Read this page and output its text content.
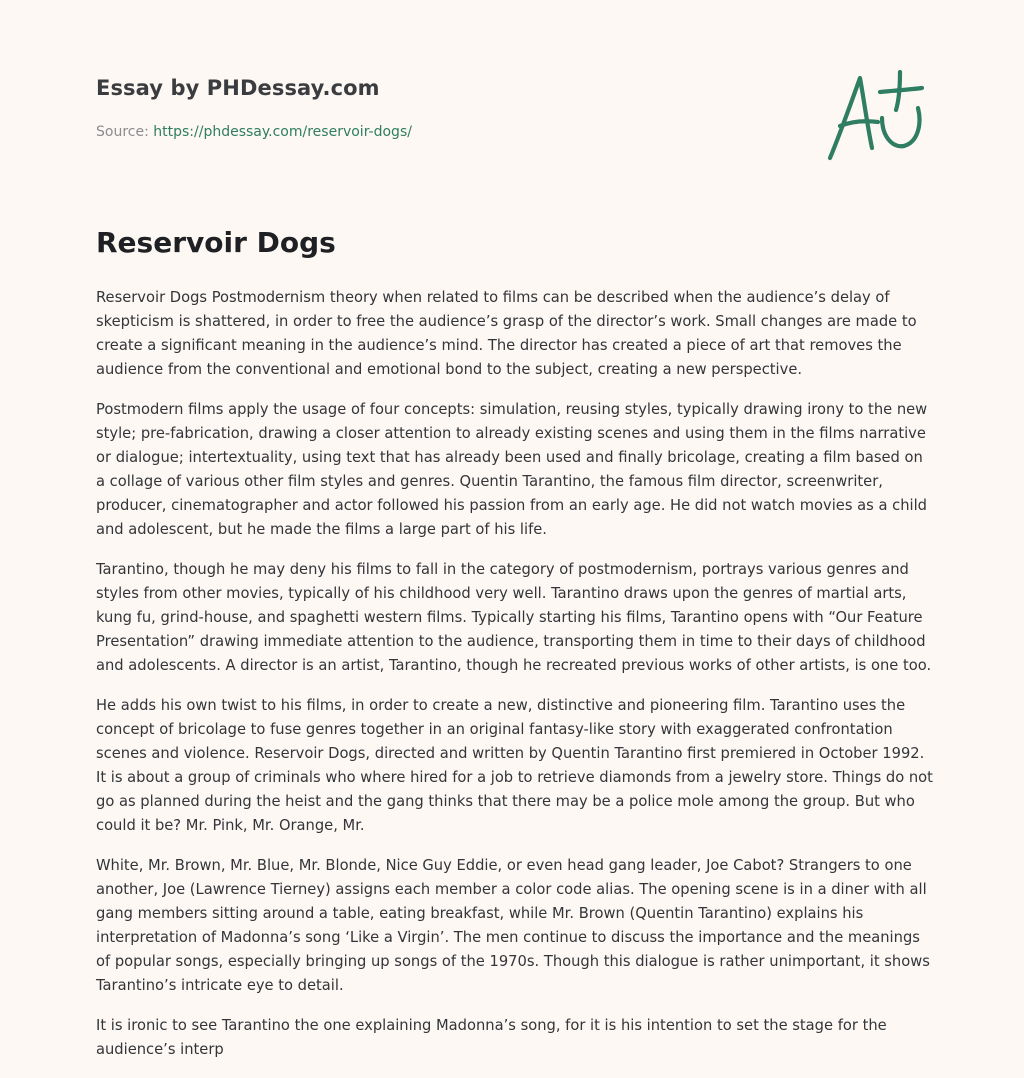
Essay by PHDessay.com
Source: https://phdessay.com/reservoir-dogs/
Reservoir Dogs

Reservoir Dogs Postmodernism theory when related to films can be described when the audience’s delay of skepticism is shattered, in order to free the audience’s grasp of the director’s work. Small changes are made to create a significant meaning in the audience’s mind. The director has created a piece of art that removes the audience from the conventional and emotional bond to the subject, creating a new perspective.

Postmodern films apply the usage of four concepts: simulation, reusing styles, typically drawing irony to the new style; pre-fabrication, drawing a closer attention to already existing scenes and using them in the films narrative or dialogue; intertextuality, using text that has already been used and finally bricolage, creating a film based on a collage of various other film styles and genres. Quentin Tarantino, the famous film director, screenwriter, producer, cinematographer and actor followed his passion from an early age. He did not watch movies as a child and adolescent, but he made the films a large part of his life.

Tarantino, though he may deny his films to fall in the category of postmodernism, portrays various genres and styles from other movies, typically of his childhood very well. Tarantino draws upon the genres of martial arts, kung fu, grind-house, and spaghetti western films. Typically starting his films, Tarantino opens with “Our Feature Presentation” drawing immediate attention to the audience, transporting them in time to their days of childhood and adolescents. A director is an artist, Tarantino, though he recreated previous works of other artists, is one too.

He adds his own twist to his films, in order to create a new, distinctive and pioneering film. Tarantino uses the concept of bricolage to fuse genres together in an original fantasy-like story with exaggerated confrontation scenes and violence. Reservoir Dogs, directed and written by Quentin Tarantino first premiered in October 1992. It is about a group of criminals who where hired for a job to retrieve diamonds from a jewelry store. Things do not go as planned during the heist and the gang thinks that there may be a police mole among the group. But who could it be? Mr. Pink, Mr. Orange, Mr.

White, Mr. Brown, Mr. Blue, Mr. Blonde, Nice Guy Eddie, or even head gang leader, Joe Cabot? Strangers to one another, Joe (Lawrence Tierney) assigns each member a color code alias. The opening scene is in a diner with all gang members sitting around a table, eating breakfast, while Mr. Brown (Quentin Tarantino) explains his interpretation of Madonna’s song ‘Like a Virgin’. The men continue to discuss the importance and the meanings of popular songs, especially bringing up songs of the 1970s. Though this dialogue is rather unimportant, it shows Tarantino’s intricate eye to detail.

It is ironic to see Tarantino the one explaining Madonna’s song, for it is his intention to set the stage for the audience’s interp
